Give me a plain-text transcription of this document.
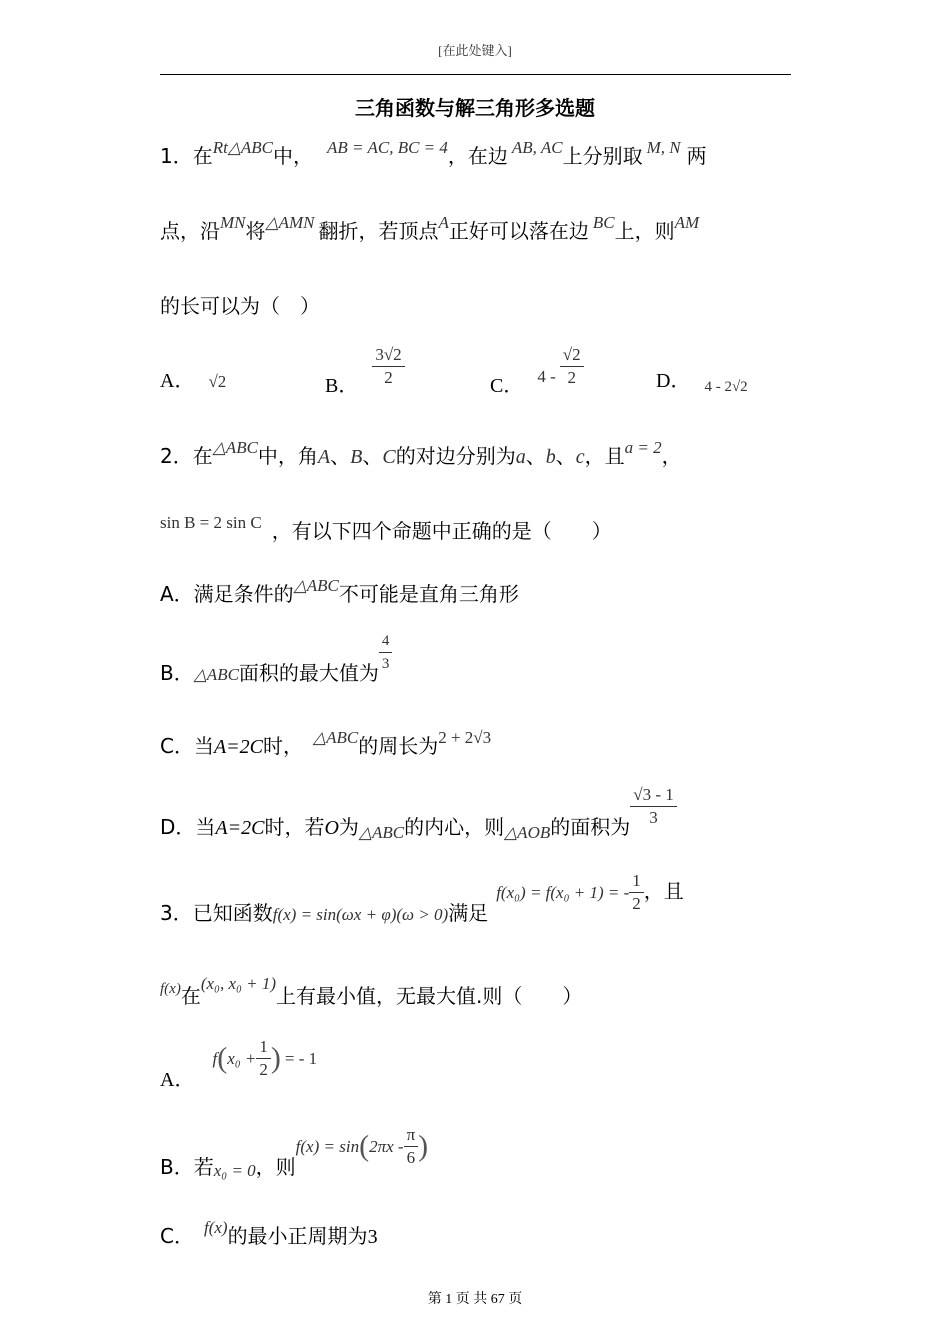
[在此处键入]
三角函数与解三角形多选题
1．在$^{Rt\triangle ABC}$中， $^{AB = AC, BC = 4}$，在边 $^{AB, AC}$上分别取 $^{M, N}$ 两
点，沿$^{MN}$将$^{\triangle AMN}$ 翻折，若顶点$^A$正好可以落在边 $^{BC}$上，则$^{AM}$
的长可以为（　）
A． √2	B． $\frac{3√2}{2}$	C． $_{4 -} \frac{√2}{2}$	D． $_{4 - 2√2}$
2．在$^{\triangle ABC}$中，角A、B、C的对边分别为a、b、c，且$^{a = 2}$，
$^{sin B = 2 sin C}$ ，有以下四个命题中正确的是（　　）
A．满足条件的$^{\triangle ABC}$不可能是直角三角形
B．$_{\triangle ABC}$面积的最大值为 $\frac{4}{3}$
C．当A=2C时， $^{\triangle ABC}$的周长为$^{2 + 2√3}$
D．当A=2C时，若O为$_{\triangle ABC}$的内心，则$_{\triangle AOB}$的面积为 $\frac{√3 - 1}{3}$
3．已知函数$_{f(x) = sin(\omega x + \varphi)(\omega > 0)}$满足f(x₀) = f(x₀ + 1) = - $\frac{1}{2}$ ，且
$^{f(x)}$在$^{(x_0, x_0 + 1)}$上有最小值，无最大值.则（　　）
A．$f(x_0 + \frac{1}{2}$ ) = - 1
B．若$_{x_0 = 0}$，则$f(x) = \sin(2\pi x - \frac{\pi}{6}$ )
C． $^{f(x)}$的最小正周期为3
第 1 页 共 67 页
